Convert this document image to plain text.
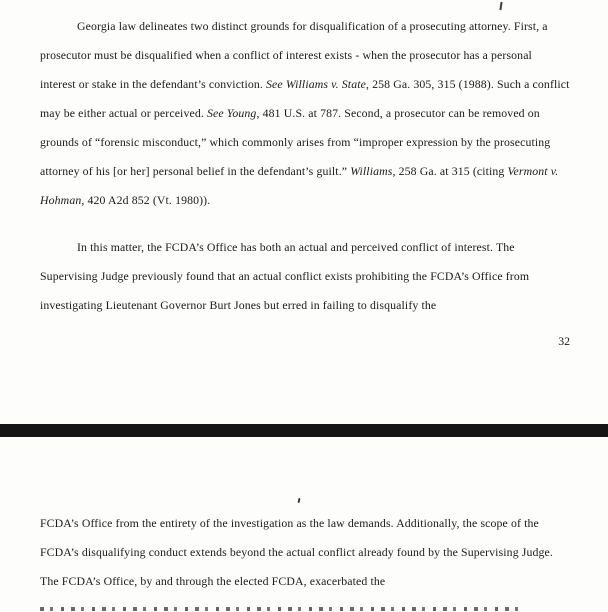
Georgia law delineates two distinct grounds for disqualification of a prosecuting attorney. First, a prosecutor must be disqualified when a conflict of interest exists - when the prosecutor has a personal interest or stake in the defendant’s conviction. See Williams v. State, 258 Ga. 305, 315 (1988). Such a conflict may be either actual or perceived. See Young, 481 U.S. at 787. Second, a prosecutor can be removed on grounds of “forensic misconduct,” which commonly arises from “improper expression by the prosecuting attorney of his [or her] personal belief in the defendant’s guilt.” Williams, 258 Ga. at 315 (citing Vermont v. Hohman, 420 A2d 852 (Vt. 1980)).

In this matter, the FCDA’s Office has both an actual and perceived conflict of interest. The Supervising Judge previously found that an actual conflict exists prohibiting the FCDA’s Office from investigating Lieutenant Governor Burt Jones but erred in failing to disqualify the

32

FCDA’s Office from the entirety of the investigation as the law demands. Additionally, the scope of the FCDA’s disqualifying conduct extends beyond the actual conflict already found by the Supervising Judge. The FCDA’s Office, by and through the elected FCDA, exacerbated the
